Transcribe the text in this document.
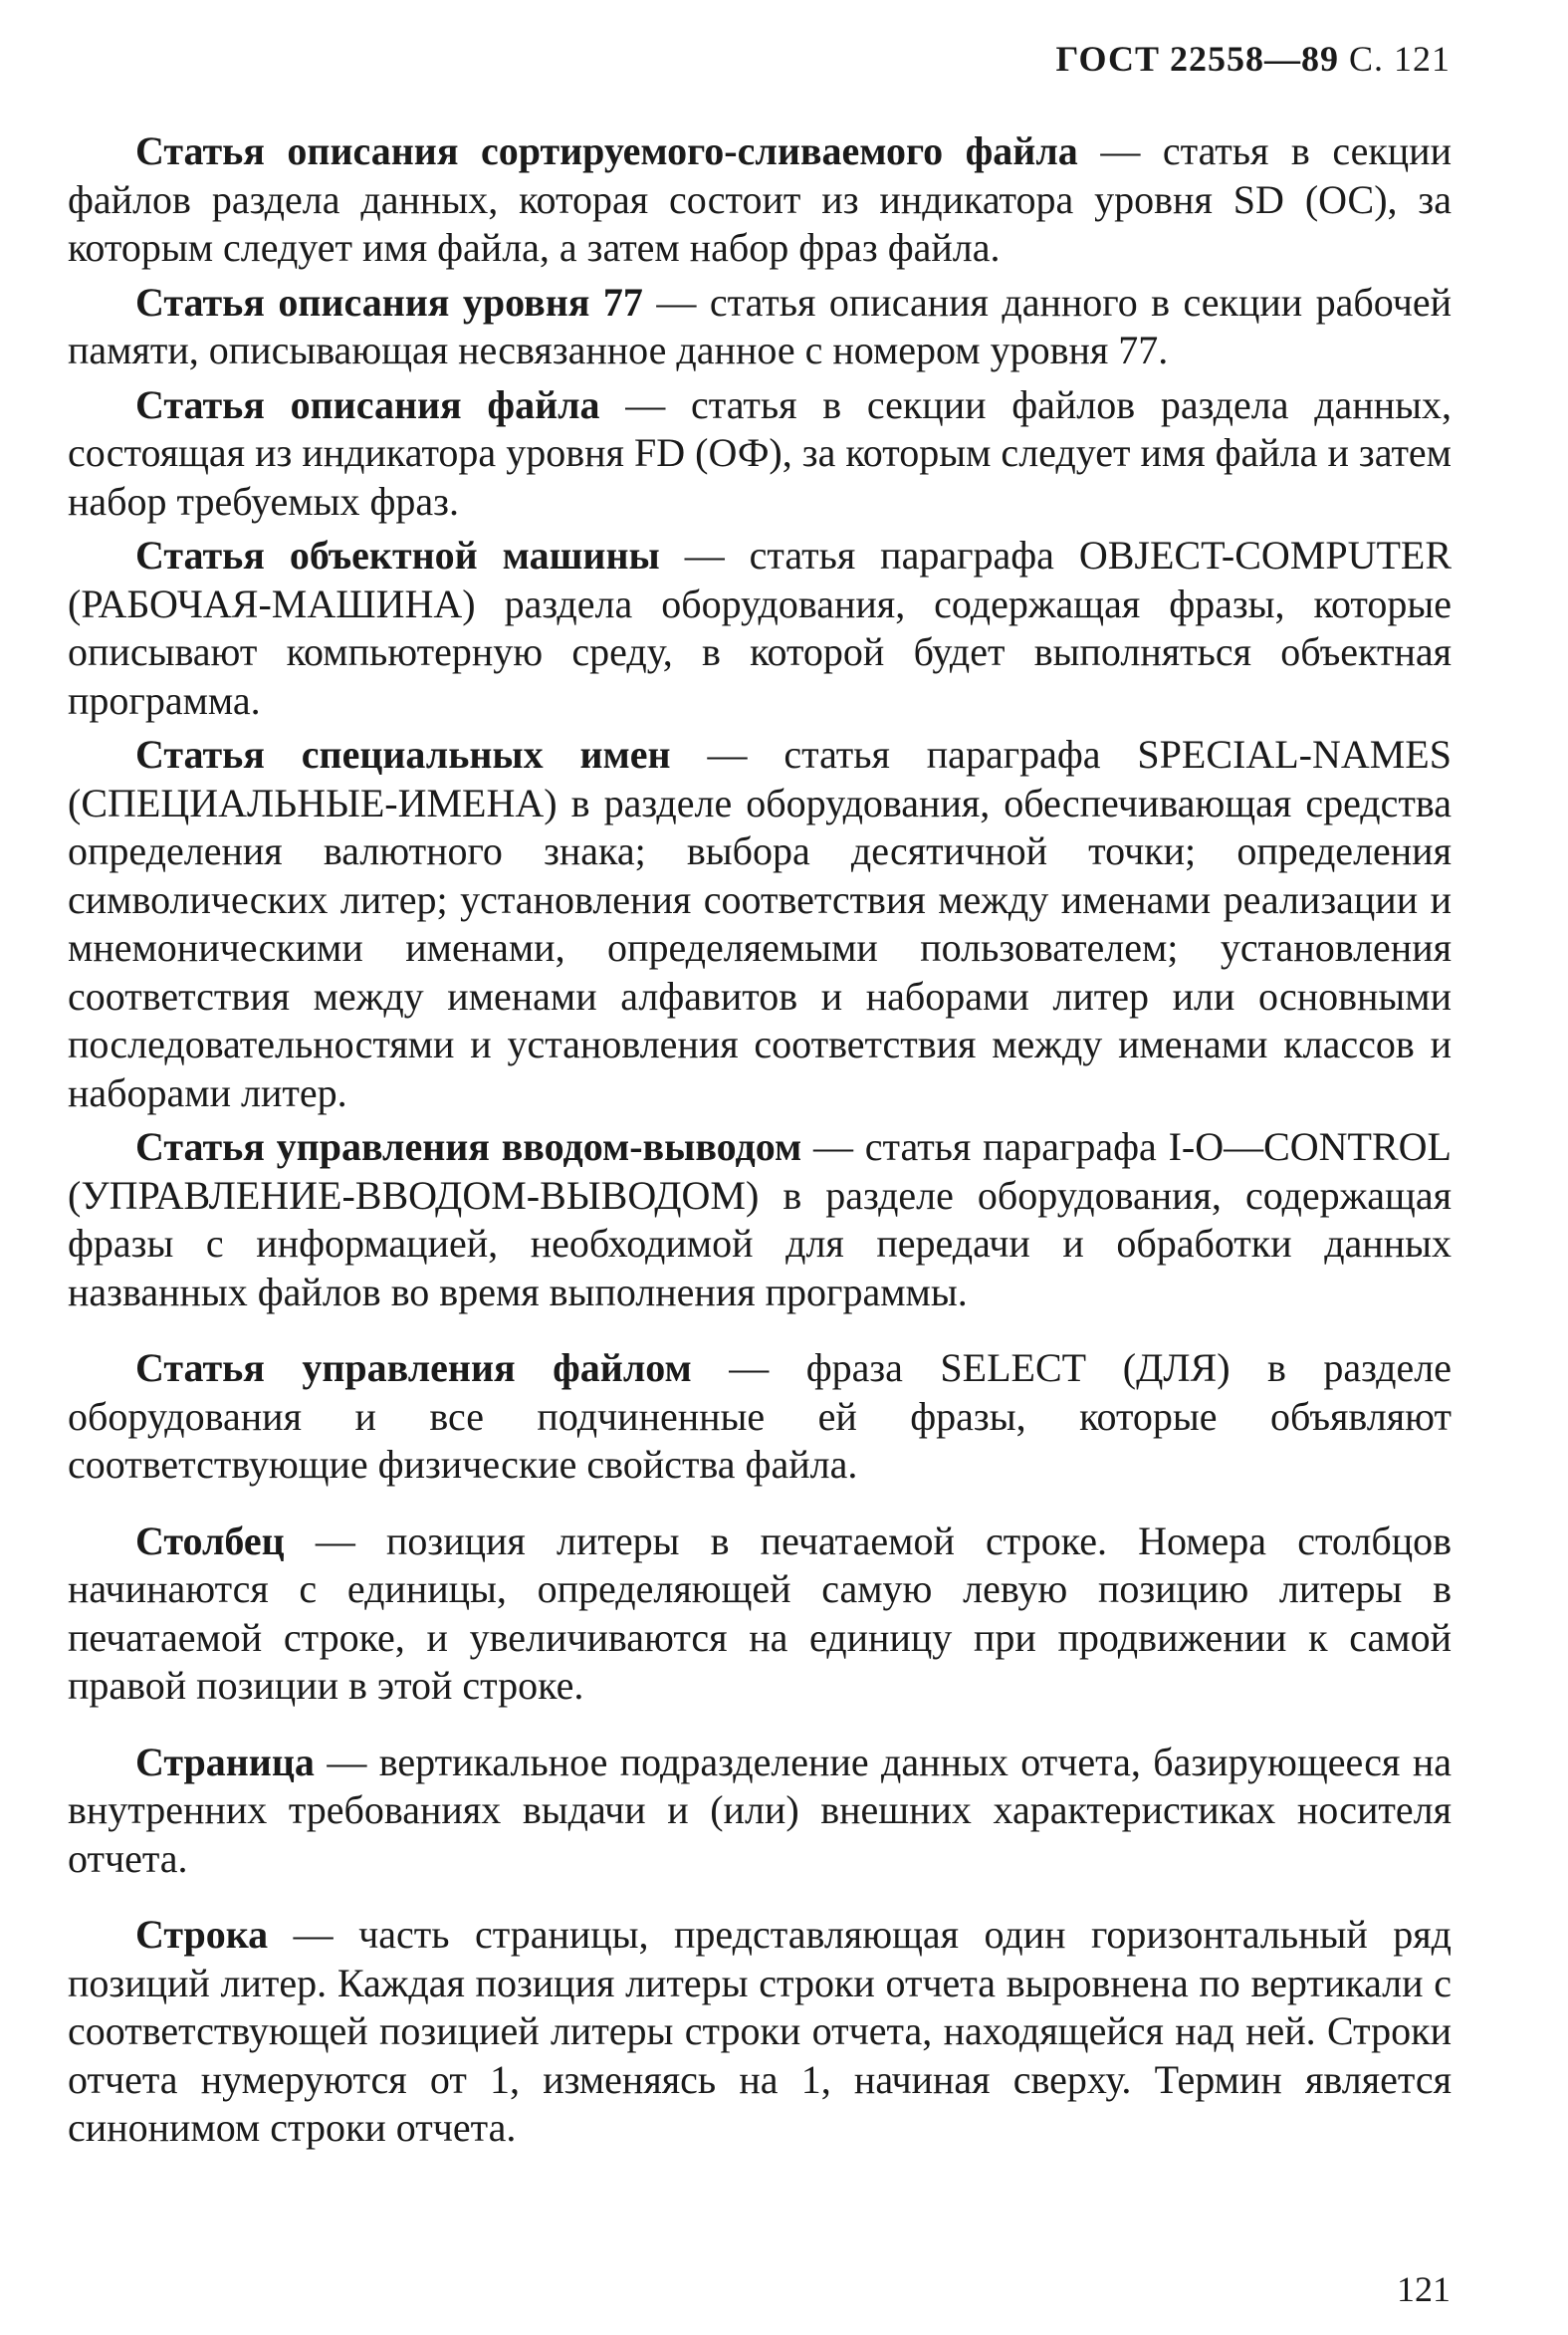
ГОСТ 22558—89 С. 121

Статья описания сортируемого-сливаемого файла — статья в секции файлов раздела данных, которая состоит из индикатора уровня SD (ОС), за которым следует имя файла, а затем набор фраз файла.

Статья описания уровня 77 — статья описания данного в секции рабочей памяти, описывающая несвязанное данное с номером уровня 77.

Статья описания файла — статья в секции файлов раздела данных, состоящая из индикатора уровня FD (ОФ), за которым следует имя файла и затем набор требуемых фраз.

Статья объектной машины — статья параграфа OBJECT-COMPUTER (РАБОЧАЯ-МАШИНА) раздела оборудования, содержащая фразы, которые описывают компьютерную среду, в которой будет выполняться объектная программа.

Статья специальных имен — статья параграфа SPECIAL-NAMES (СПЕЦИАЛЬНЫЕ-ИМЕНА) в разделе оборудования, обеспечивающая средства определения валютного знака; выбора десятичной точки; определения символических литер; установления соответствия между именами реализации и мнемоническими именами, определяемыми пользователем; установления соответствия между именами алфавитов и наборами литер или основными последовательностями и установления соответствия между именами классов и наборами литер.

Статья управления вводом-выводом — статья параграфа I-O—CONTROL (УПРАВЛЕНИЕ-ВВОДОМ-ВЫВОДОМ) в разделе оборудования, содержащая фразы с информацией, необходимой для передачи и обработки данных названных файлов во время выполнения программы.

Статья управления файлом — фраза SELECT (ДЛЯ) в разделе оборудования и все подчиненные ей фразы, которые объявляют соответствующие физические свойства файла.

Столбец — позиция литеры в печатаемой строке. Номера столбцов начинаются с единицы, определяющей самую левую позицию литеры в печатаемой строке, и увеличиваются на единицу при продвижении к самой правой позиции в этой строке.

Страница — вертикальное подразделение данных отчета, базирующееся на внутренних требованиях выдачи и (или) внешних характеристиках носителя отчета.

Строка — часть страницы, представляющая один горизонтальный ряд позиций литер. Каждая позиция литеры строки отчета выровнена по вертикали с соответствующей позицией литеры строки отчета, находящейся над ней. Строки отчета нумеруются от 1, изменяясь на 1, начиная сверху. Термин является синонимом строки отчета.

121
